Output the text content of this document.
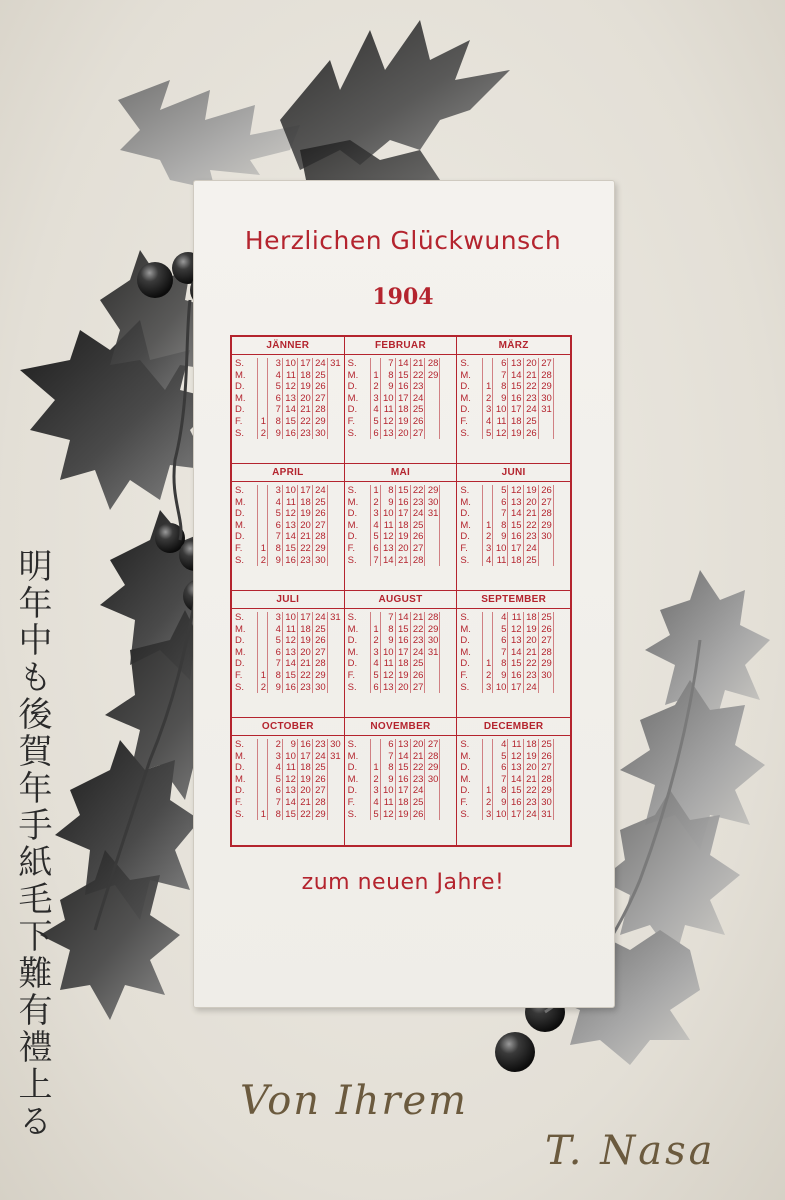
Herzlichen Glückwunsch
1904
JÄNNER
S.	3 10 17 24 31
M.	4 11 18 25
D.	5 12 19 26
M.	6 13 20 27
D.	7 14 21 28
F.	1	8 15 22 29
S.	2	9 16 23 30
FEBRUAR
S.	7 14 21 28
M.	1	8 15 22 29
D.	2	9 16 23
M.	3 10 17 24
D.	4 11 18 25
F.	5 12 19 26
S.	6 13 20 27
MÄRZ
S.	6 13 20 27
M.	7 14 21 28
D.	1	8 15 22 29
M.	2	9 16 23 30
D.	3 10 17 24 31
F.	4 11 18 25
S.	5 12 19 26
APRIL
S.	3 10 17 24
M.	4 11 18 25
D.	5 12 19 26
M.	6 13 20 27
D.	7 14 21 28
F.	1	8 15 22 29
S.	2	9 16 23 30
MAI
S.	1	8 15 22 29
M.	2	9 16 23 30
D.	3 10 17 24 31
M.	4 11 18 25
D.	5 12 19 26
F.	6 13 20 27
S.	7 14 21 28
JUNI
S.	5 12 19 26
M.	6 13 20 27
D.	7 14 21 28
M.	1	8 15 22 29
D.	2	9 16 23 30
F.	3 10 17 24
S.	4 11 18 25
JULI
S.	3 10 17 24 31
M.	4 11 18 25
D.	5 12 19 26
M.	6 13 20 27
D.	7 14 21 28
F.	1	8 15 22 29
S.	2	9 16 23 30
AUGUST
S.	7 14 21 28
M.	1	8 15 22 29
D.	2	9 16 23 30
M.	3 10 17 24 31
D.	4 11 18 25
F.	5 12 19 26
S.	6 13 20 27
SEPTEMBER
S.	4 11 18 25
M.	5 12 19 26
D.	6 13 20 27
M.	7 14 21 28
D.	1	8 15 22 29
F.	2	9 16 23 30
S.	3 10 17 24
OCTOBER
S.	2	9 16 23 30
M.	3 10 17 24 31
D.	4 11 18 25
M.	5 12 19 26
D.	6 13 20 27
F.	7 14 21 28
S.	1	8 15 22 29
NOVEMBER
S.	6 13 20 27
M.	7 14 21 28
D.	1	8 15 22 29
M.	2	9 16 23 30
D.	3 10 17 24
F.	4 11 18 25
S.	5 12 19 26
DECEMBER
S.	4 11 18 25
M.	5 12 19 26
D.	6 13 20 27
M.	7 14 21 28
D.	1	8 15 22 29
F.	2	9 16 23 30
S.	3 10 17 24 31
zum neuen Jahre!
明年中も後賀年手紙毛下難有禮上る	Von Ihrem
T. Nasa
